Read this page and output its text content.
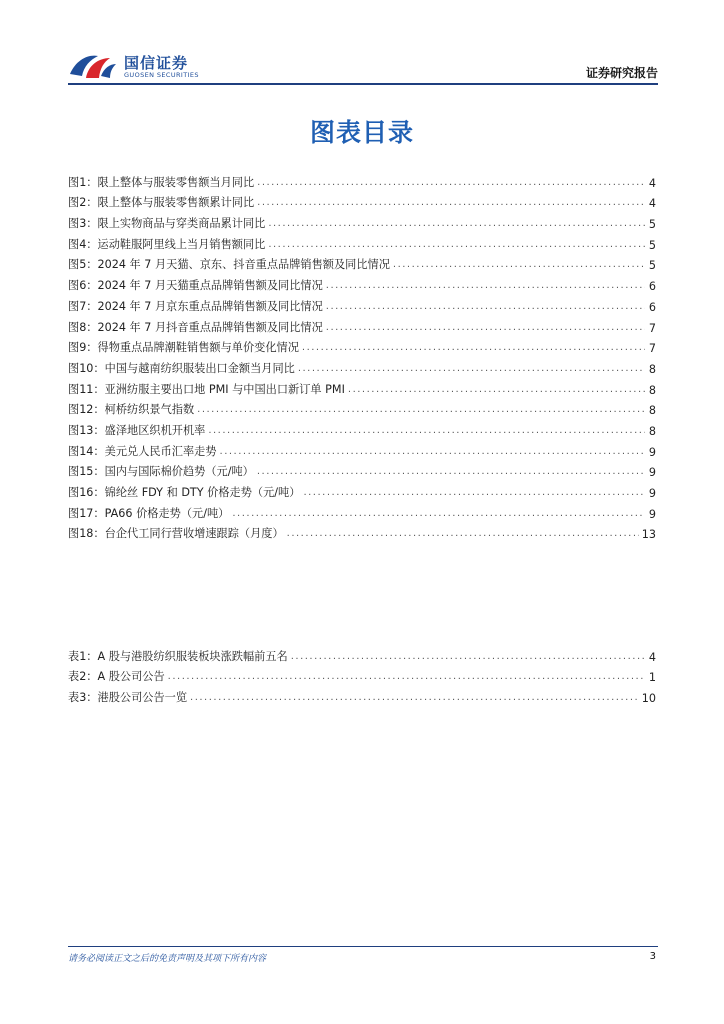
国信证券
GUOSEN SECURITIES	证券研究报告
图表目录
图1： 限上整体与服装零售额当月同比 .....	4
图2： 限上整体与服装零售额累计同比 .....	4
图3： 限上实物商品与穿类商品累计同比 .....	5
图4： 运动鞋服阿里线上当月销售额同比 .....	5
图5： 2024 年 7 月天猫、京东、抖音重点品牌销售额及同比情况 .....	5
图6： 2024 年 7 月天猫重点品牌销售额及同比情况 .....	6
图7： 2024 年 7 月京东重点品牌销售额及同比情况 .....	6
图8： 2024 年 7 月抖音重点品牌销售额及同比情况 .....	7
图9： 得物重点品牌潮鞋销售额与单价变化情况 .....	7
图10： 中国与越南纺织服装出口金额当月同比 .....	8
图11： 亚洲纺服主要出口地 PMI 与中国出口新订单 PMI .....	8
图12： 柯桥纺织景气指数 .....	8
图13： 盛泽地区织机开机率 .....	8
图14： 美元兑人民币汇率走势 .....	9
图15： 国内与国际棉价趋势（元/吨） .....	9
图16： 锦纶丝 FDY 和 DTY 价格走势（元/吨） .....	9
图17： PA66 价格走势（元/吨） .....	9
图18： 台企代工同行营收增速跟踪（月度） .....	13
表1： A 股与港股纺织服装板块涨跌幅前五名 .....	4
表2： A 股公司公告 .....	1
表3： 港股公司公告一览 .....	10
请务必阅读正文之后的免责声明及其项下所有内容	3
